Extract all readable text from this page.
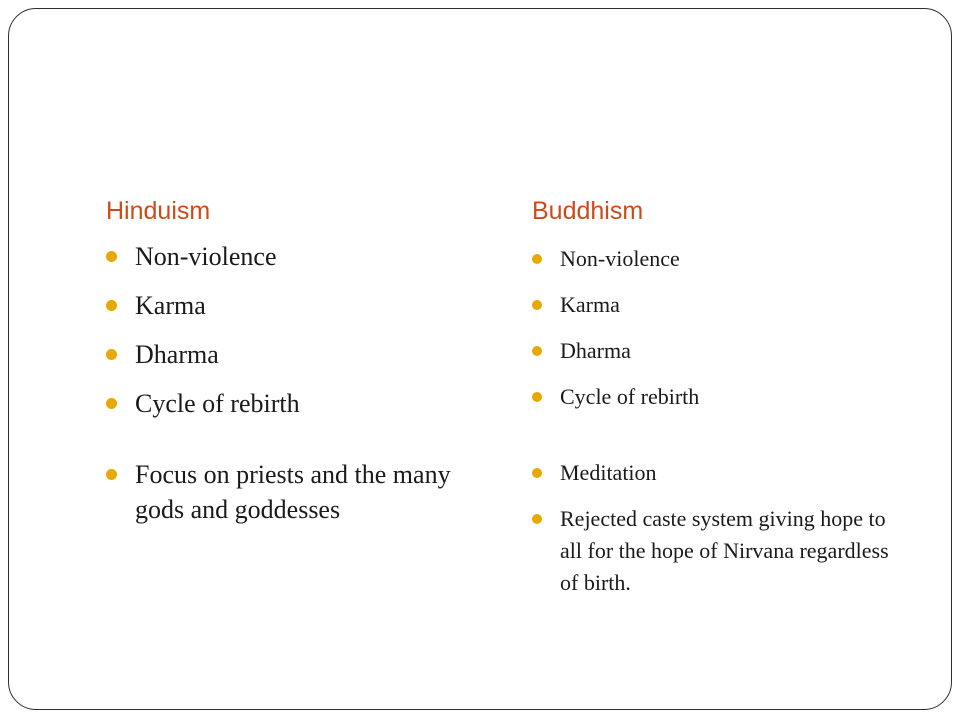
Hinduism
Non-violence
Karma
Dharma
Cycle of rebirth
Focus on priests and the many gods and goddesses
Buddhism
Non-violence
Karma
Dharma
Cycle of rebirth
Meditation
Rejected caste system giving hope to all for the hope of Nirvana regardless of birth.
